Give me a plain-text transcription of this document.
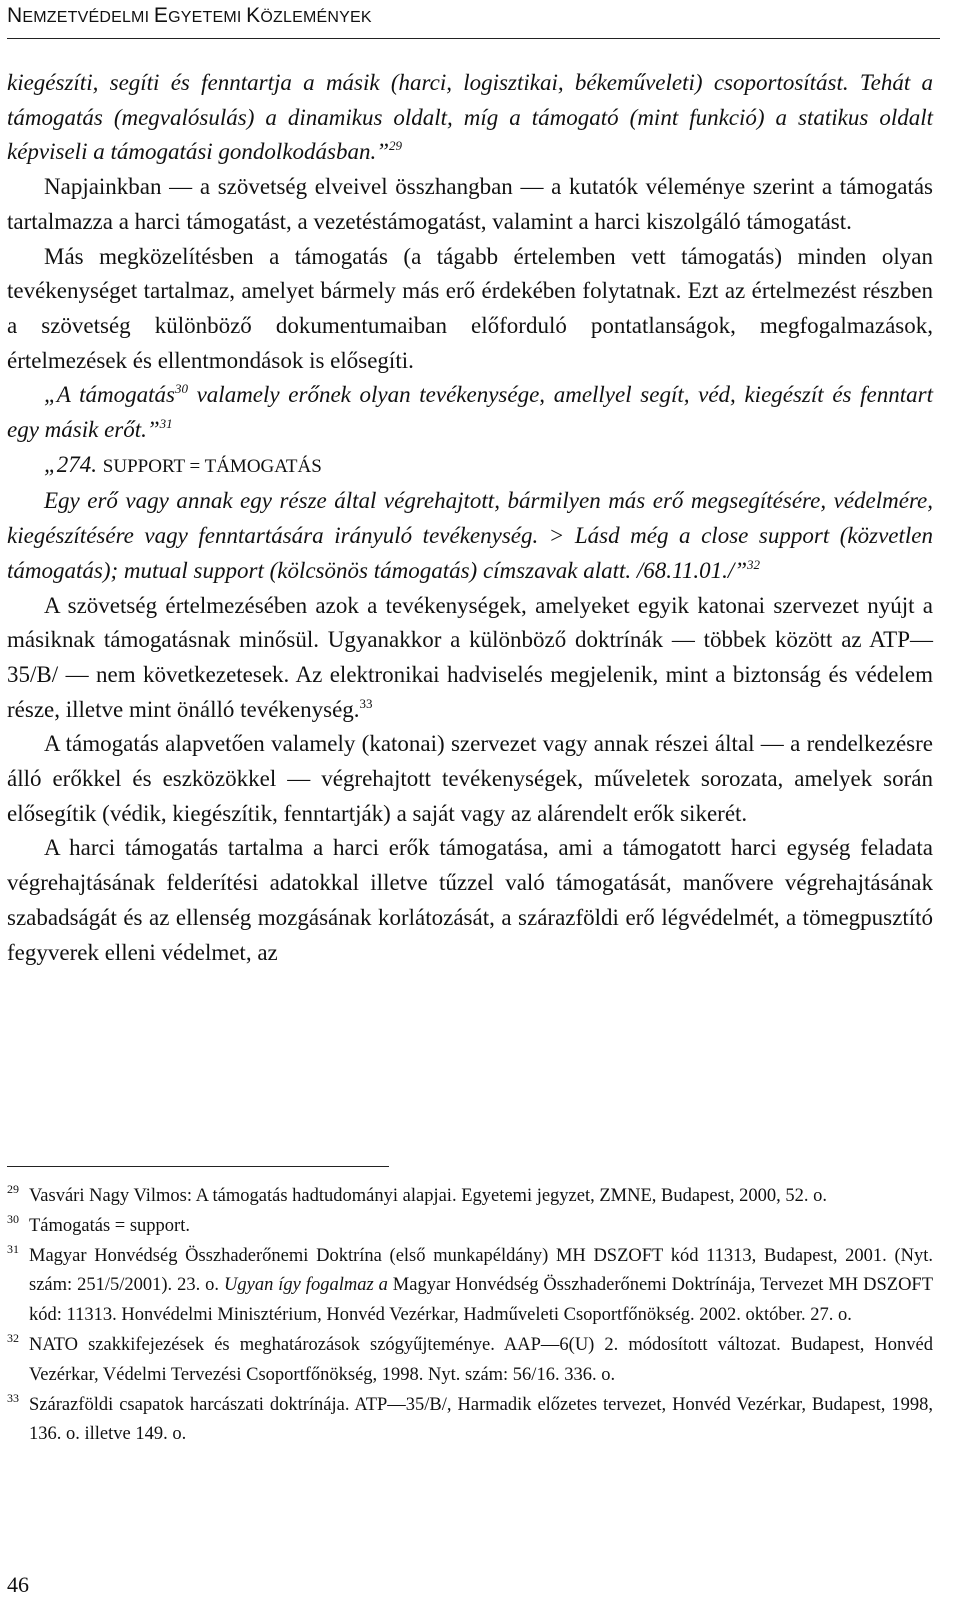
NEMZETVÉDELMI EGYETEMI KÖZLEMÉNYEK

kiegészíti, segíti és fenntartja a másik (harci, logisztikai, békeműveleti) csoportosítást. Tehát a támogatás (megvalósulás) a dinamikus oldalt, míg a támogató (mint funkció) a statikus oldalt képviseli a támogatási gondolkodásban.”$^{29}$

Napjainkban — a szövetség elveivel összhangban — a kutatók véleménye szerint a támogatás tartalmazza a harci támogatást, a vezetéstámogatást, valamint a harci kiszolgáló támogatást.

Más megközelítésben a támogatás (a tágabb értelemben vett támogatás) minden olyan tevékenységet tartalmaz, amelyet bármely más erő érdekében folytatnak. Ezt az értelmezést részben a szövetség különböző dokumentumaiban előforduló pontatlanságok, megfogalmazások, értelmezések és ellentmondások is elősegíti.

„A támogatás$^{30}$ valamely erőnek olyan tevékenysége, amellyel segít, véd, kiegészít és fenntart egy másik erőt.”$^{31}$

„274. SUPPORT = TÁMOGATÁS

Egy erő vagy annak egy része által végrehajtott, bármilyen más erő megsegítésére, védelmére, kiegészítésére vagy fenntartására irányuló tevékenység. > Lásd még a close support (közvetlen támogatás); mutual support (kölcsönös támogatás) címszavak alatt. /68.11.01./”$^{32}$

A szövetség értelmezésében azok a tevékenységek, amelyeket egyik katonai szervezet nyújt a másiknak támogatásnak minősül. Ugyanakkor a különböző doktrínák — többek között az ATP—35/B/ — nem következetesek. Az elektronikai hadviselés megjelenik, mint a biztonság és védelem része, illetve mint önálló tevékenység.$^{33}$

A támogatás alapvetően valamely (katonai) szervezet vagy annak részei által — a rendelkezésre álló erőkkel és eszközökkel — végrehajtott tevékenységek, műveletek sorozata, amelyek során elősegítik (védik, kiegészítik, fenntartják) a saját vagy az alárendelt erők sikerét.

A harci támogatás tartalma a harci erők támogatása, ami a támogatott harci egység feladata végrehajtásának felderítési adatokkal illetve tűzzel való támogatását, manővere végrehajtásának szabadságát és az ellenség mozgásának korlátozását, a szárazföldi erő légvédelmét, a tömegpusztító fegyverek elleni védelmet, az

$^{29}$ Vasvári Nagy Vilmos: A támogatás hadtudományi alapjai. Egyetemi jegyzet, ZMNE, Budapest, 2000, 52. o.

$^{30}$ Támogatás = support.

$^{31}$ Magyar Honvédség Összhaderőnemi Doktrína (első munkapéldány) MH DSZOFT kód 11313, Budapest, 2001. (Nyt. szám: 251/5/2001). 23. o. Ugyan így fogalmaz a Magyar Honvédség Összhaderőnemi Doktrínája, Tervezet MH DSZOFT kód: 11313. Honvédelmi Minisztérium, Honvéd Vezérkar, Hadműveleti Csoportfőnökség. 2002. október. 27. o.

$^{32}$ NATO szakkifejezések és meghatározások szógyűjteménye. AAP—6(U) 2. módosított változat. Budapest, Honvéd Vezérkar, Védelmi Tervezési Csoportfőnökség, 1998. Nyt. szám: 56/16. 336. o.

$^{33}$ Szárazföldi csapatok harcászati doktrínája. ATP—35/B/, Harmadik előzetes tervezet, Honvéd Vezérkar, Budapest, 1998, 136. o. illetve 149. o.

46
